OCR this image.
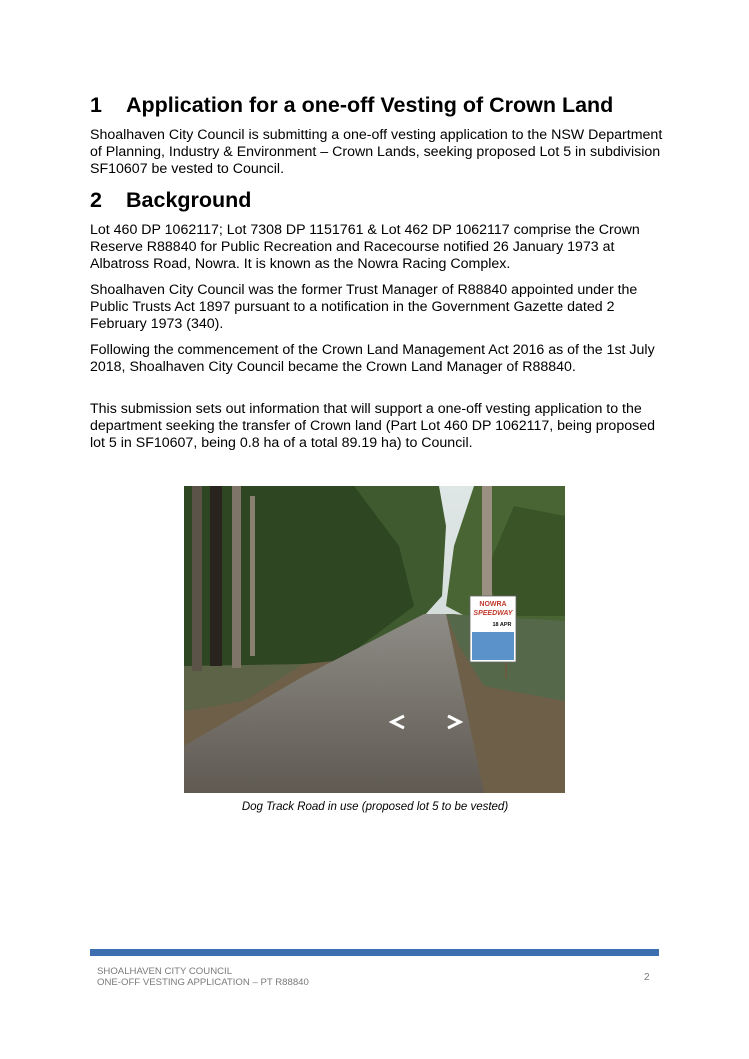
1 Application for a one-off Vesting of Crown Land

Shoalhaven City Council is submitting a one-off vesting application to the NSW Department of Planning, Industry & Environment – Crown Lands, seeking proposed Lot 5 in subdivision SF10607 be vested to Council.

2 Background

Lot 460 DP 1062117; Lot 7308 DP 1151761 & Lot 462 DP 1062117 comprise the Crown Reserve R88840 for Public Recreation and Racecourse notified 26 January 1973 at Albatross Road, Nowra. It is known as the Nowra Racing Complex.

Shoalhaven City Council was the former Trust Manager of R88840 appointed under the Public Trusts Act 1897 pursuant to a notification in the Government Gazette dated 2 February 1973 (340).

Following the commencement of the Crown Land Management Act 2016 as of the 1st July 2018, Shoalhaven City Council became the Crown Land Manager of R88840.

This submission sets out information that will support a one-off vesting application to the department seeking the transfer of Crown land (Part Lot 460 DP 1062117, being proposed lot 5 in SF10607, being 0.8 ha of a total 89.19 ha) to Council.

NOWRA
SPEEDWAY
18 APR
Dog Track Road in use (proposed lot 5 to be vested)
SHOALHAVEN CITY COUNCIL
ONE-OFF VESTING APPLICATION – PT R88840	2
